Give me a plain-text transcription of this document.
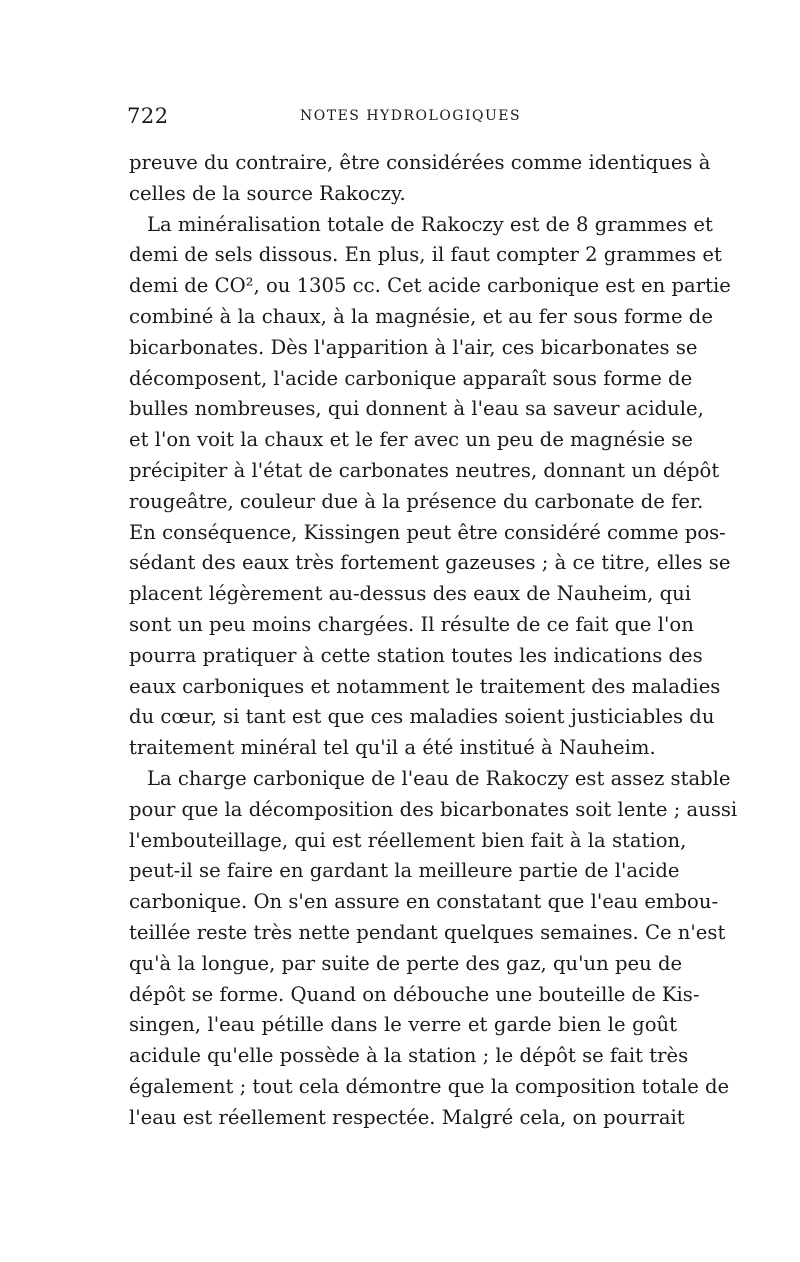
722	NOTES HYDROLOGIQUES
preuve du contraire, être considérées comme identiques à
celles de la source Rakoczy.
La minéralisation totale de Rakoczy est de 8 grammes et
demi de sels dissous. En plus, il faut compter 2 grammes et
demi de CO², ou 1305 cc. Cet acide carbonique est en partie
combiné à la chaux, à la magnésie, et au fer sous forme de
bicarbonates. Dès l'apparition à l'air, ces bicarbonates se
décomposent, l'acide carbonique apparaît sous forme de
bulles nombreuses, qui donnent à l'eau sa saveur acidule,
et l'on voit la chaux et le fer avec un peu de magnésie se
précipiter à l'état de carbonates neutres, donnant un dépôt
rougeâtre, couleur due à la présence du carbonate de fer.
En conséquence, Kissingen peut être considéré comme pos-
sédant des eaux très fortement gazeuses ; à ce titre, elles se
placent légèrement au-dessus des eaux de Nauheim, qui
sont un peu moins chargées. Il résulte de ce fait que l'on
pourra pratiquer à cette station toutes les indications des
eaux carboniques et notamment le traitement des maladies
du cœur, si tant est que ces maladies soient justiciables du
traitement minéral tel qu'il a été institué à Nauheim.
La charge carbonique de l'eau de Rakoczy est assez stable
pour que la décomposition des bicarbonates soit lente ; aussi
l'embouteillage, qui est réellement bien fait à la station,
peut-il se faire en gardant la meilleure partie de l'acide
carbonique. On s'en assure en constatant que l'eau embou-
teillée reste très nette pendant quelques semaines. Ce n'est
qu'à la longue, par suite de perte des gaz, qu'un peu de
dépôt se forme. Quand on débouche une bouteille de Kis-
singen, l'eau pétille dans le verre et garde bien le goût
acidule qu'elle possède à la station ; le dépôt se fait très
également ; tout cela démontre que la composition totale de
l'eau est réellement respectée. Malgré cela, on pourrait
